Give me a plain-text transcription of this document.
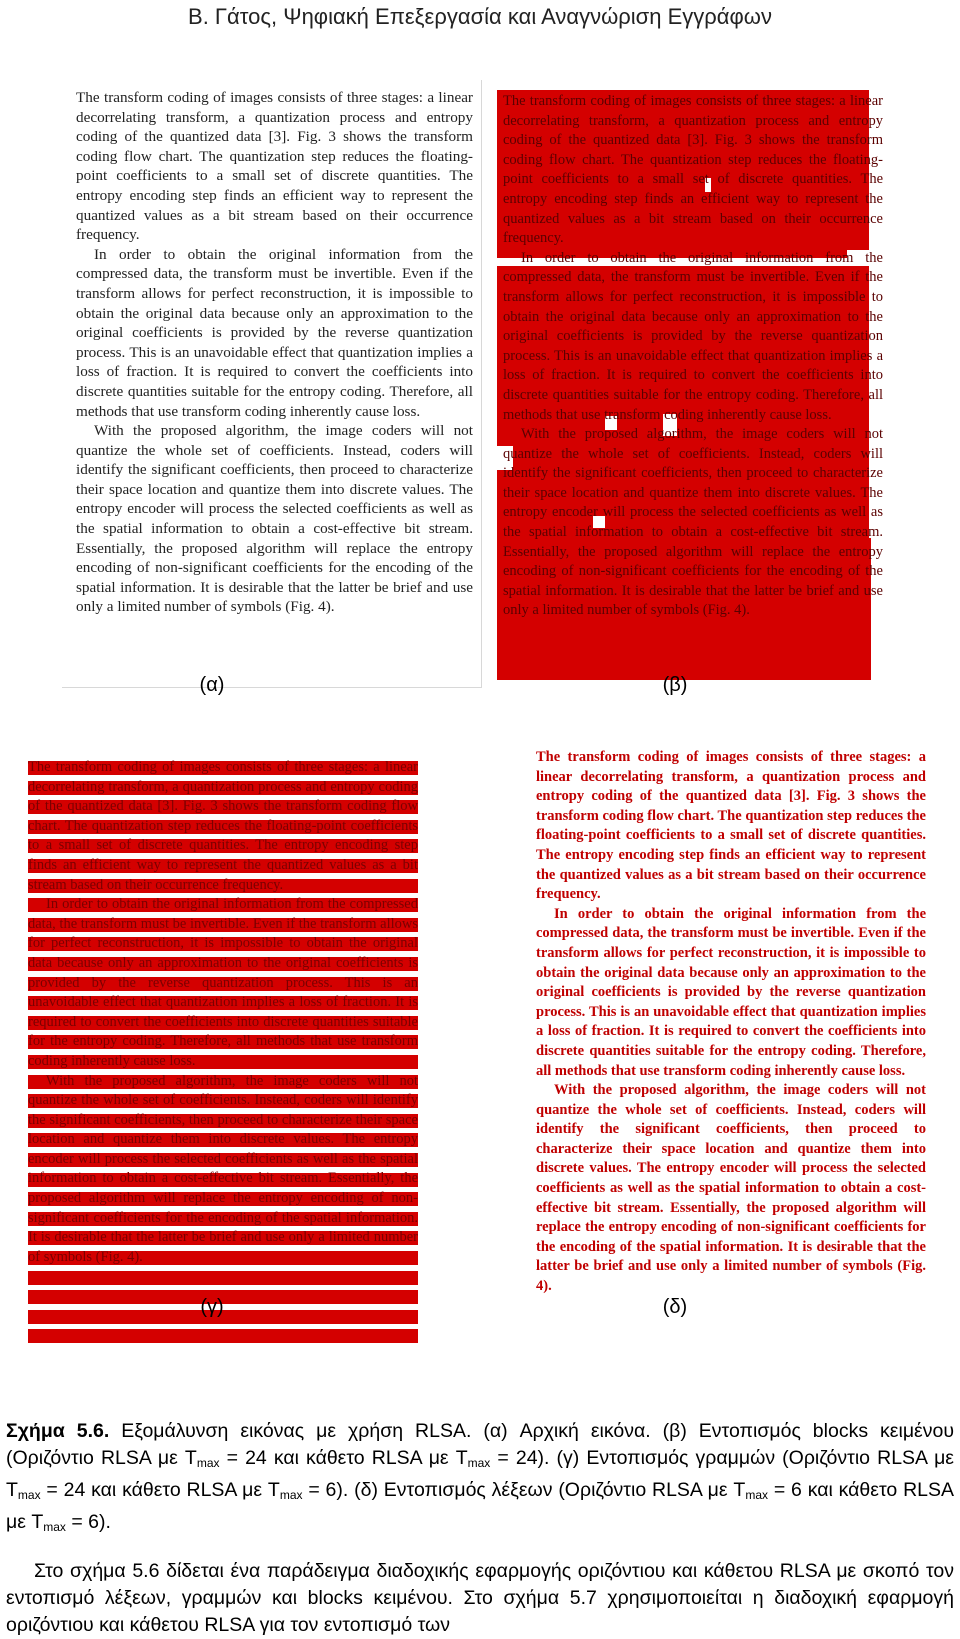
Β. Γάτος, Ψηφιακή Επεξεργασία και Αναγνώριση Εγγράφων

The transform coding of images consists of three stages: a linear decorrelating transform, a quantization process and entropy coding of the quantized data [3]. Fig. 3 shows the transform coding flow chart. The quantization step reduces the floating-point coefficients to a small set of discrete quantities. The entropy encoding step finds an efficient way to represent the quantized values as a bit stream based on their occurrence frequency.

In order to obtain the original information from the compressed data, the transform must be invertible. Even if the transform allows for perfect reconstruction, it is impossible to obtain the original data because only an approximation to the original coefficients is provided by the reverse quantization process. This is an unavoidable effect that quantization implies a loss of fraction. It is required to convert the coefficients into discrete quantities suitable for the entropy coding. Therefore, all methods that use transform coding inherently cause loss.

With the proposed algorithm, the image coders will not quantize the whole set of coefficients. Instead, coders will identify the significant coefficients, then proceed to characterize their space location and quantize them into discrete values. The entropy encoder will process the selected coefficients as well as the spatial information to obtain a cost-effective bit stream. Essentially, the proposed algorithm will replace the entropy encoding of non-significant coefficients for the encoding of the spatial information. It is desirable that the latter be brief and use only a limited number of symbols (Fig. 4).

(α)

The transform coding of images consists of three stages: a linear decorrelating transform, a quantization process and entropy coding of the quantized data [3]. Fig. 3 shows the transform coding flow chart. The quantization step reduces the floating-point coefficients to a small set of discrete quantities. The entropy encoding step finds an efficient way to represent the quantized values as a bit stream based on their occurrence frequency.

In order to obtain the original information from the compressed data, the transform must be invertible. Even if the transform allows for perfect reconstruction, it is impossible to obtain the original data because only an approximation to the original coefficients is provided by the reverse quantization process. This is an unavoidable effect that quantization implies a loss of fraction. It is required to convert the coefficients into discrete quantities suitable for the entropy coding. Therefore, all methods that use transform coding inherently cause loss.

With the proposed algorithm, the image coders will not quantize the whole set of coefficients. Instead, coders will identify the significant coefficients, then proceed to characterize their space location and quantize them into discrete values. The entropy encoder will process the selected coefficients as well as the spatial information to obtain a cost-effective bit stream. Essentially, the proposed algorithm will replace the entropy encoding of non-significant coefficients for the encoding of the spatial information. It is desirable that the latter be brief and use only a limited number of symbols (Fig. 4).

(β)

The transform coding of images consists of three stages: a linear decorrelating transform, a quantization process and entropy coding of the quantized data [3]. Fig. 3 shows the transform coding flow chart. The quantization step reduces the floating-point coefficients to a small set of discrete quantities. The entropy encoding step finds an efficient way to represent the quantized values as a bit stream based on their occurrence frequency.

In order to obtain the original information from the compressed data, the transform must be invertible. Even if the transform allows for perfect reconstruction, it is impossible to obtain the original data because only an approximation to the original coefficients is provided by the reverse quantization process. This is an unavoidable effect that quantization implies a loss of fraction. It is required to convert the coefficients into discrete quantities suitable for the entropy coding. Therefore, all methods that use transform coding inherently cause loss.

With the proposed algorithm, the image coders will not quantize the whole set of coefficients. Instead, coders will identify the significant coefficients, then proceed to characterize their space location and quantize them into discrete values. The entropy encoder will process the selected coefficients as well as the spatial information to obtain a cost-effective bit stream. Essentially, the proposed algorithm will replace the entropy encoding of non-significant coefficients for the encoding of the spatial information. It is desirable that the latter be brief and use only a limited number of symbols (Fig. 4).

(γ)

The transform coding of images consists of three stages: a linear decorrelating transform, a quantization process and entropy coding of the quantized data [3]. Fig. 3 shows the transform coding flow chart. The quantization step reduces the floating-point coefficients to a small set of discrete quantities. The entropy encoding step finds an efficient way to represent the quantized values as a bit stream based on their occurrence frequency.

In order to obtain the original information from the compressed data, the transform must be invertible. Even if the transform allows for perfect reconstruction, it is impossible to obtain the original data because only an approximation to the original coefficients is provided by the reverse quantization process. This is an unavoidable effect that quantization implies a loss of fraction. It is required to convert the coefficients into discrete quantities suitable for the entropy coding. Therefore, all methods that use transform coding inherently cause loss.

With the proposed algorithm, the image coders will not quantize the whole set of coefficients. Instead, coders will identify the significant coefficients, then proceed to characterize their space location and quantize them into discrete values. The entropy encoder will process the selected coefficients as well as the spatial information to obtain a cost-effective bit stream. Essentially, the proposed algorithm will replace the entropy encoding of non-significant coefficients for the encoding of the spatial information. It is desirable that the latter be brief and use only a limited number of symbols (Fig. 4).

(δ)
Σχήμα 5.6. Εξομάλυνση εικόνας με χρήση RLSA. (α) Αρχική εικόνα. (β) Εντοπισμός blocks κειμένου (Οριζόντιο RLSA με $T_{max} = 24$ και κάθετο RLSA με $T_{max} = 24$). (γ) Εντοπισμός γραμμών (Οριζόντιο RLSA με $T_{max} = 24$ και κάθετο RLSA με $T_{max} = 6$). (δ) Εντοπισμός λέξεων (Οριζόντιο RLSA με $T_{max} = 6$ και κάθετο RLSA με $T_{max} = 6$).
Στο σχήμα 5.6 δίδεται ένα παράδειγμα διαδοχικής εφαρμογής οριζόντιου και κάθετου RLSA με σκοπό τον εντοπισμό λέξεων, γραμμών και blocks κειμένου. Στο σχήμα 5.7 χρησιμοποιείται η διαδοχική εφαρμογή οριζόντιου και κάθετου RLSA για τον εντοπισμό των
